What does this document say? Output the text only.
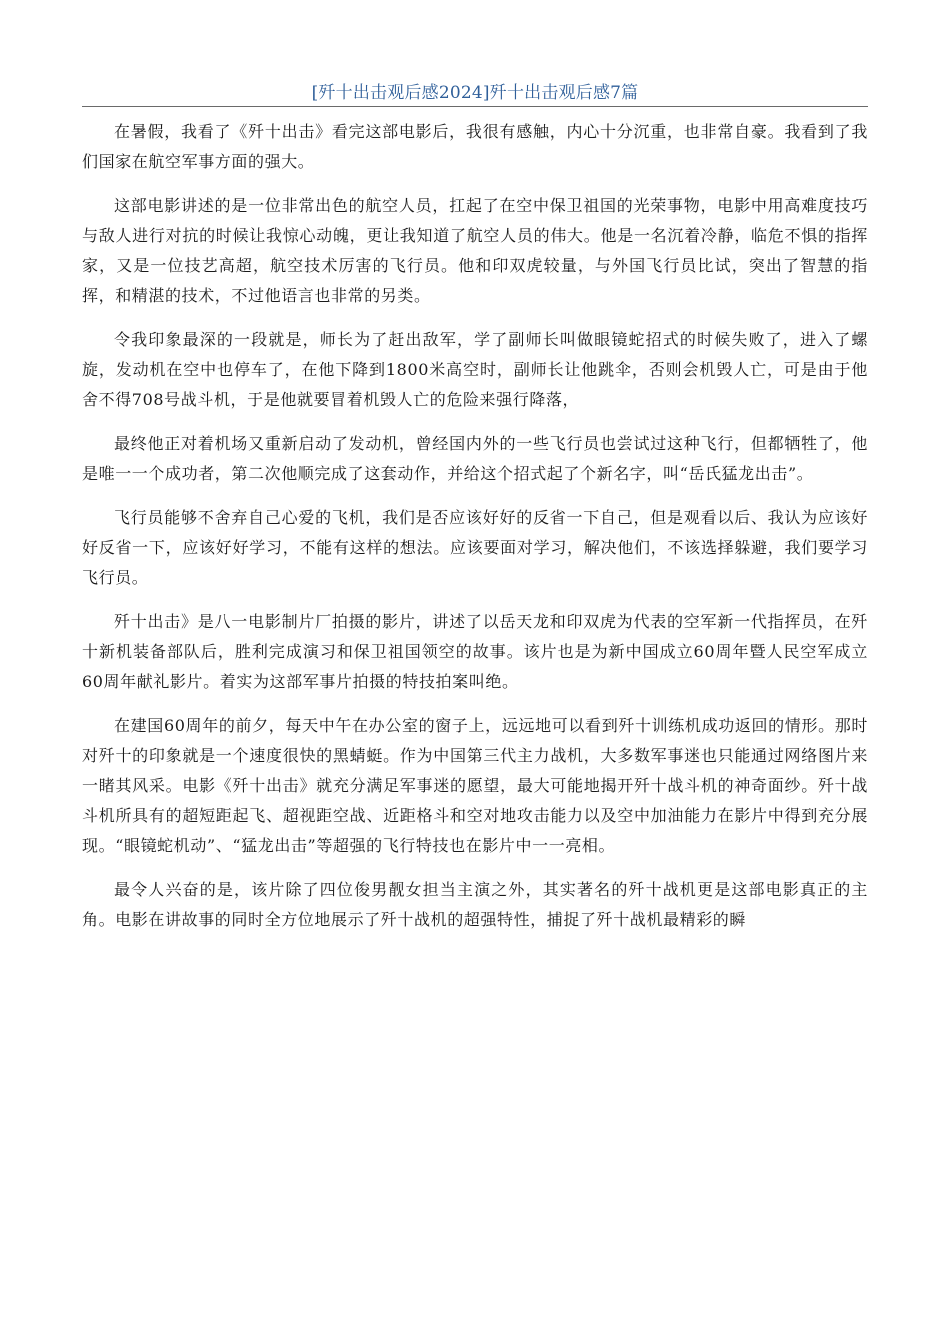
[歼十出击观后感2024]歼十出击观后感7篇

在暑假，我看了《歼十出击》看完这部电影后，我很有感触，内心十分沉重，也非常自豪。我看到了我们国家在航空军事方面的强大。

这部电影讲述的是一位非常出色的航空人员，扛起了在空中保卫祖国的光荣事物，电影中用高难度技巧与敌人进行对抗的时候让我惊心动魄，更让我知道了航空人员的伟大。他是一名沉着冷静，临危不惧的指挥家，又是一位技艺高超，航空技术厉害的飞行员。他和印双虎较量，与外国飞行员比试，突出了智慧的指挥，和精湛的技术，不过他语言也非常的另类。

令我印象最深的一段就是，师长为了赶出敌军，学了副师长叫做眼镜蛇招式的时候失败了，进入了螺旋，发动机在空中也停车了，在他下降到1800米高空时，副师长让他跳伞，否则会机毁人亡，可是由于他舍不得708号战斗机，于是他就要冒着机毁人亡的危险来强行降落，

最终他正对着机场又重新启动了发动机，曾经国内外的一些飞行员也尝试过这种飞行，但都牺牲了，他是唯一一个成功者，第二次他顺完成了这套动作，并给这个招式起了个新名字，叫“岳氏猛龙出击”。

飞行员能够不舍弃自己心爱的飞机，我们是否应该好好的反省一下自己，但是观看以后、我认为应该好好反省一下，应该好好学习，不能有这样的想法。应该要面对学习，解决他们，不该选择躲避，我们要学习飞行员。

歼十出击》是八一电影制片厂拍摄的影片，讲述了以岳天龙和印双虎为代表的空军新一代指挥员，在歼十新机装备部队后，胜利完成演习和保卫祖国领空的故事。该片也是为新中国成立60周年暨人民空军成立60周年献礼影片。着实为这部军事片拍摄的特技拍案叫绝。

在建国60周年的前夕，每天中午在办公室的窗子上，远远地可以看到歼十训练机成功返回的情形。那时对歼十的印象就是一个速度很快的黑蜻蜓。作为中国第三代主力战机，大多数军事迷也只能通过网络图片来一睹其风采。电影《歼十出击》就充分满足军事迷的愿望，最大可能地揭开歼十战斗机的神奇面纱。歼十战斗机所具有的超短距起飞、超视距空战、近距格斗和空对地攻击能力以及空中加油能力在影片中得到充分展现。“眼镜蛇机动”、“猛龙出击”等超强的飞行特技也在影片中一一亮相。

最令人兴奋的是，该片除了四位俊男靓女担当主演之外，其实著名的歼十战机更是这部电影真正的主角。电影在讲故事的同时全方位地展示了歼十战机的超强特性，捕捉了歼十战机最精彩的瞬
